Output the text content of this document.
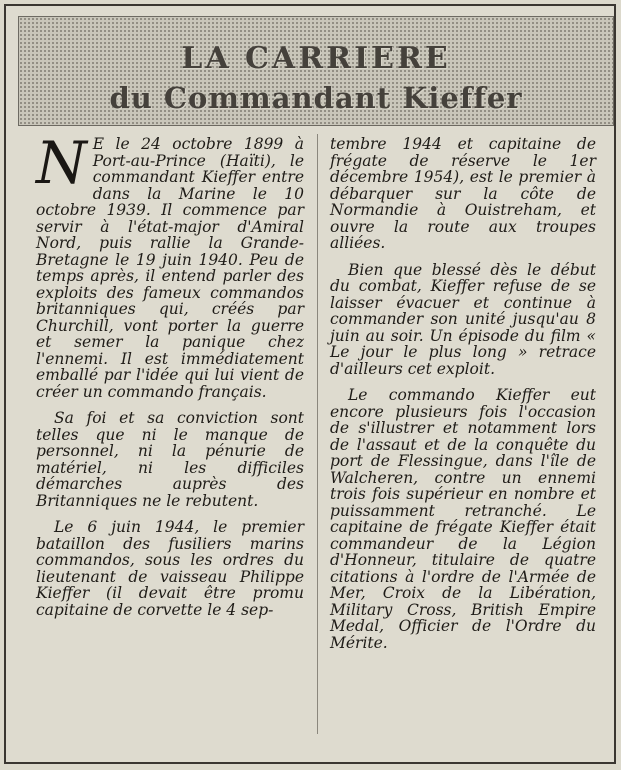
LA CARRIERE
du Commandant Kieffer

N E le 24 octobre 1899 à Port-au-Prince (Haïti), le commandant Kieffer entre dans la Marine le 10 octobre 1939. Il commence par servir à l'état-major d'Amiral Nord, puis rallie la Grande-Bretagne le 19 juin 1940. Peu de temps après, il entend parler des exploits des fameux commandos britanniques qui, créés par Churchill, vont porter la guerre et semer la panique chez l'ennemi. Il est immédiatement emballé par l'idée qui lui vient de créer un commando français.

Sa foi et sa conviction sont telles que ni le manque de personnel, ni la pénurie de matériel, ni les difficiles démarches auprès des Britanniques ne le rebutent.

Le 6 juin 1944, le premier bataillon des fusiliers marins commandos, sous les ordres du lieutenant de vaisseau Philippe Kieffer (il devait être promu capitaine de corvette le 4 sep-

tembre 1944 et capitaine de frégate de réserve le 1er décembre 1954), est le premier à débarquer sur la côte de Normandie à Ouistreham, et ouvre la route aux troupes alliées.

Bien que blessé dès le début du combat, Kieffer refuse de se laisser évacuer et continue à commander son unité jusqu'au 8 juin au soir. Un épisode du film « Le jour le plus long » retrace d'ailleurs cet exploit.

Le commando Kieffer eut encore plusieurs fois l'occasion de s'illustrer et notamment lors de l'assaut et de la conquête du port de Flessingue, dans l'île de Walcheren, contre un ennemi trois fois supérieur en nombre et puissamment retranché. Le capitaine de frégate Kieffer était commandeur de la Légion d'Honneur, titulaire de quatre citations à l'ordre de l'Armée de Mer, Croix de la Libération, Military Cross, British Empire Medal, Officier de l'Ordre du Mérite.
